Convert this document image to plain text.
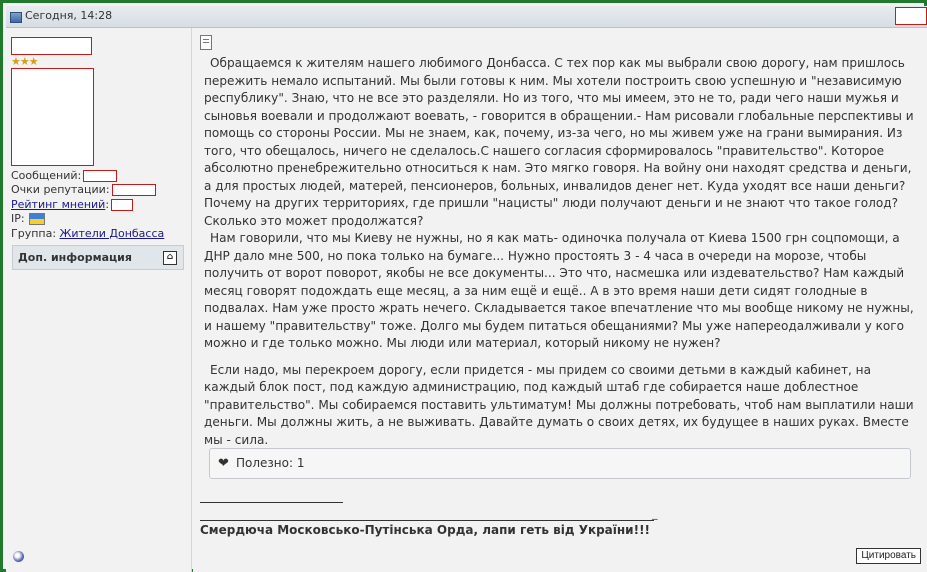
Сегодня, 14:28
★★★
Сообщений:
Очки репутации:
Рейтинг мнений:
IP:
Группа: Жители Донбасса
Доп. информация	⌂

Обращаемся к жителям нашего любимого Донбасса. С тех пор как мы выбрали свою дорогу, нам пришлось пережить немало испытаний. Мы были готовы к ним. Мы хотели построить свою успешную и "независимую республику". Знаю, что не все это разделяли. Но из того, что мы имеем, это не то, ради чего наши мужья и сыновья воевали и продолжают воевать, - говорится в обращении.- Нам рисовали глобальные перспективы и помощь со стороны России. Мы не знаем, как, почему, из-за чего, но мы живем уже на грани вымирания. Из того, что обещалось, ничего не сделалось.С нашего согласия сформировалось "правительство". Которое абсолютно пренебрежительно относиться к нам. Это мягко говоря. На войну они находят средства и деньги, а для простых людей, матерей, пенсионеров, больных, инвалидов денег нет. Куда уходят все наши деньги? Почему на других территориях, где пришли "нацисты" люди получают деньги и не знают что такое голод? Сколько это может продолжатся?

Нам говорили, что мы Киеву не нужны, но я как мать- одиночка получала от Киева 1500 грн соцпомощи, а ДНР дало мне 500, но пока только на бумаге... Нужно простоять 3 - 4 часа в очереди на морозе, чтобы получить от ворот поворот, якобы не все документы... Это что, насмешка или издевательство? Нам каждый месяц говорят подождать еще месяц, а за ним ещё и ещё.. А в это время наши дети сидят голодные в подвалах. Нам уже просто жрать нечего. Складывается такое впечатление что мы вообще никому не нужны, и нашему "правительству" тоже. Долго мы будем питаться обещаниями? Мы уже напереодалживали у кого можно и где только можно. Мы люди или материал, который никому не нужен?

Если надо, мы перекроем дорогу, если придется - мы придем со своими детьми в каждый кабинет, на каждый блок пост, под каждую администрацию, под каждый штаб где собирается наше доблестное "правительство". Мы собираемся поставить ультиматум! Мы должны потребовать, чтоб нам выплатили наши деньги. Мы должны жить, а не выживать. Давайте думать о своих детях, их будущее в наших руках. Вместе мы - сила.

❤ Полезно: 1
_
Смердюча Московсько-Путінська Орда, лапи геть від України!!!
Цитировать
